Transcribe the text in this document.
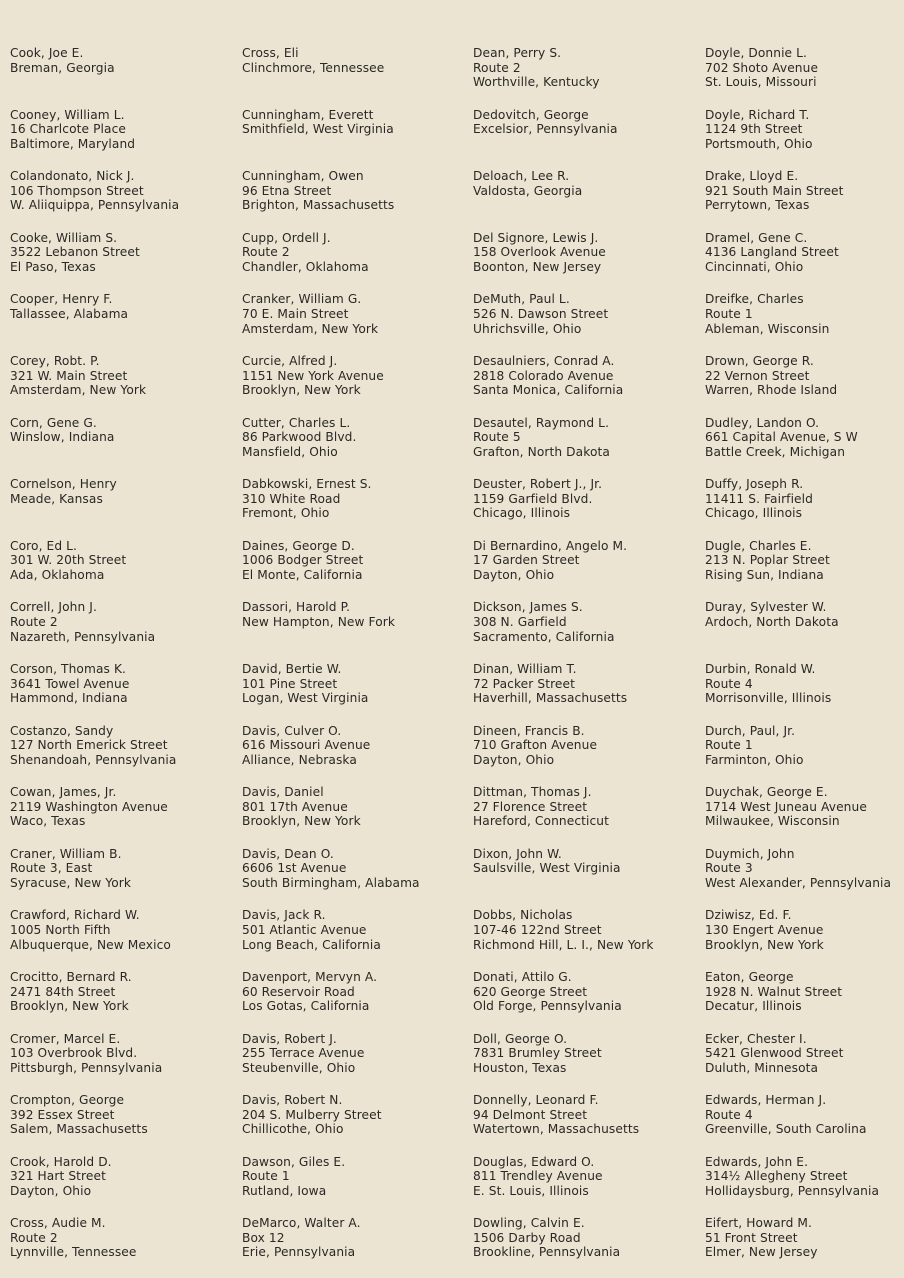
Cook, Joe E.
Breman, Georgia
Cooney, William L.
16 Charlcote Place
Baltimore, Maryland
Colandonato, Nick J.
106 Thompson Street
W. Aliiquippa, Pennsylvania
Cooke, William S.
3522 Lebanon Street
El Paso, Texas
Cooper, Henry F.
Tallassee, Alabama
Corey, Robt. P.
321 W. Main Street
Amsterdam, New York
Corn, Gene G.
Winslow, Indiana
Cornelson, Henry
Meade, Kansas
Coro, Ed L.
301 W. 20th Street
Ada, Oklahoma
Correll, John J.
Route 2
Nazareth, Pennsylvania
Corson, Thomas K.
3641 Towel Avenue
Hammond, Indiana
Costanzo, Sandy
127 North Emerick Street
Shenandoah, Pennsylvania
Cowan, James, Jr.
2119 Washington Avenue
Waco, Texas
Craner, William B.
Route 3, East
Syracuse, New York
Crawford, Richard W.
1005 North Fifth
Albuquerque, New Mexico
Crocitto, Bernard R.
2471 84th Street
Brooklyn, New York
Cromer, Marcel E.
103 Overbrook Blvd.
Pittsburgh, Pennsylvania
Crompton, George
392 Essex Street
Salem, Massachusetts
Crook, Harold D.
321 Hart Street
Dayton, Ohio
Cross, Audie M.
Route 2
Lynnville, Tennessee
Cross, Eli
Clinchmore, Tennessee
Cunningham, Everett
Smithfield, West Virginia
Cunningham, Owen
96 Etna Street
Brighton, Massachusetts
Cupp, Ordell J.
Route 2
Chandler, Oklahoma
Cranker, William G.
70 E. Main Street
Amsterdam, New York
Curcie, Alfred J.
1151 New York Avenue
Brooklyn, New York
Cutter, Charles L.
86 Parkwood Blvd.
Mansfield, Ohio
Dabkowski, Ernest S.
310 White Road
Fremont, Ohio
Daines, George D.
1006 Bodger Street
El Monte, California
Dassori, Harold P.
New Hampton, New Fork
David, Bertie W.
101 Pine Street
Logan, West Virginia
Davis, Culver O.
616 Missouri Avenue
Alliance, Nebraska
Davis, Daniel
801 17th Avenue
Brooklyn, New York
Davis, Dean O.
6606 1st Avenue
South Birmingham, Alabama
Davis, Jack R.
501 Atlantic Avenue
Long Beach, California
Davenport, Mervyn A.
60 Reservoir Road
Los Gotas, California
Davis, Robert J.
255 Terrace Avenue
Steubenville, Ohio
Davis, Robert N.
204 S. Mulberry Street
Chillicothe, Ohio
Dawson, Giles E.
Route 1
Rutland, Iowa
DeMarco, Walter A.
Box 12
Erie, Pennsylvania
Dean, Perry S.
Route 2
Worthville, Kentucky
Dedovitch, George
Excelsior, Pennsylvania
Deloach, Lee R.
Valdosta, Georgia
Del Signore, Lewis J.
158 Overlook Avenue
Boonton, New Jersey
DeMuth, Paul L.
526 N. Dawson Street
Uhrichsville, Ohio
Desaulniers, Conrad A.
2818 Colorado Avenue
Santa Monica, California
Desautel, Raymond L.
Route 5
Grafton, North Dakota
Deuster, Robert J., Jr.
1159 Garfield Blvd.
Chicago, Illinois
Di Bernardino, Angelo M.
17 Garden Street
Dayton, Ohio
Dickson, James S.
308 N. Garfield
Sacramento, California
Dinan, William T.
72 Packer Street
Haverhill, Massachusetts
Dineen, Francis B.
710 Grafton Avenue
Dayton, Ohio
Dittman, Thomas J.
27 Florence Street
Hareford, Connecticut
Dixon, John W.
Saulsville, West Virginia
Dobbs, Nicholas
107-46 122nd Street
Richmond Hill, L. I., New York
Donati, Attilo G.
620 George Street
Old Forge, Pennsylvania
Doll, George O.
7831 Brumley Street
Houston, Texas
Donnelly, Leonard F.
94 Delmont Street
Watertown, Massachusetts
Douglas, Edward O.
811 Trendley Avenue
E. St. Louis, Illinois
Dowling, Calvin E.
1506 Darby Road
Brookline, Pennsylvania
Doyle, Donnie L.
702 Shoto Avenue
St. Louis, Missouri
Doyle, Richard T.
1124 9th Street
Portsmouth, Ohio
Drake, Lloyd E.
921 South Main Street
Perrytown, Texas
Dramel, Gene C.
4136 Langland Street
Cincinnati, Ohio
Dreifke, Charles
Route 1
Ableman, Wisconsin
Drown, George R.
22 Vernon Street
Warren, Rhode Island
Dudley, Landon O.
661 Capital Avenue, S W
Battle Creek, Michigan
Duffy, Joseph R.
11411 S. Fairfield
Chicago, Illinois
Dugle, Charles E.
213 N. Poplar Street
Rising Sun, Indiana
Duray, Sylvester W.
Ardoch, North Dakota
Durbin, Ronald W.
Route 4
Morrisonville, Illinois
Durch, Paul, Jr.
Route 1
Farminton, Ohio
Duychak, George E.
1714 West Juneau Avenue
Milwaukee, Wisconsin
Duymich, John
Route 3
West Alexander, Pennsylvania
Dziwisz, Ed. F.
130 Engert Avenue
Brooklyn, New York
Eaton, George
1928 N. Walnut Street
Decatur, Illinois
Ecker, Chester I.
5421 Glenwood Street
Duluth, Minnesota
Edwards, Herman J.
Route 4
Greenville, South Carolina
Edwards, John E.
314½ Allegheny Street
Hollidaysburg, Pennsylvania
Eifert, Howard M.
51 Front Street
Elmer, New Jersey
